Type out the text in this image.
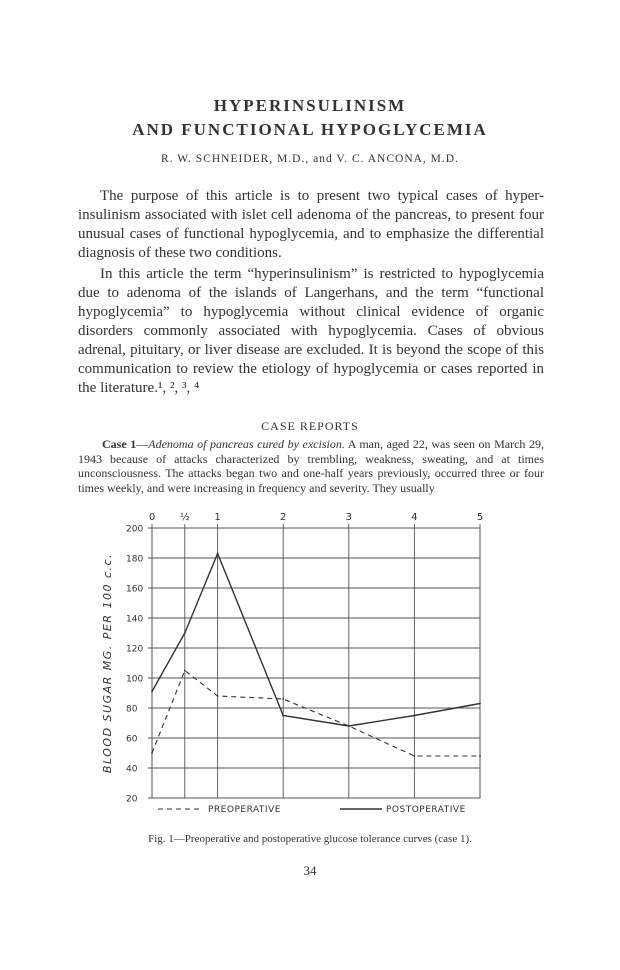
HYPERINSULINISM
AND FUNCTIONAL HYPOGLYCEMIA
R. W. SCHNEIDER, M.D., and V. C. ANCONA, M.D.

The purpose of this article is to present two typical cases of hyper-insulinism associated with islet cell adenoma of the pancreas, to present four unusual cases of functional hypoglycemia, and to emphasize the differential diagnosis of these two conditions.

In this article the term “hyperinsulinism” is restricted to hypoglycemia due to adenoma of the islands of Langerhans, and the term “functional hypoglycemia” to hypoglycemia without clinical evidence of organic disorders commonly associated with hypoglycemia. Cases of obvious adrenal, pituitary, or liver disease are excluded. It is beyond the scope of this communication to review the etiology of hypoglycemia or cases reported in the literature.¹, ², ³, ⁴

CASE REPORTS

Case 1—Adenoma of pancreas cured by excision. A man, aged 22, was seen on March 29, 1943 because of attacks characterized by trembling, weakness, sweating, and at times unconsciousness. The attacks began two and one-half years previously, occurred three or four times weekly, and were increasing in frequency and severity. They usually

20
40
60
80
100
120
140
160
180
200
0 ½ 1	2	3	4	5
BLOOD SUGAR MG. PER 100 c.c.
PREOPERATIVE	POSTOPERATIVE
Fig. 1—Preoperative and postoperative glucose tolerance curves (case 1).
34
